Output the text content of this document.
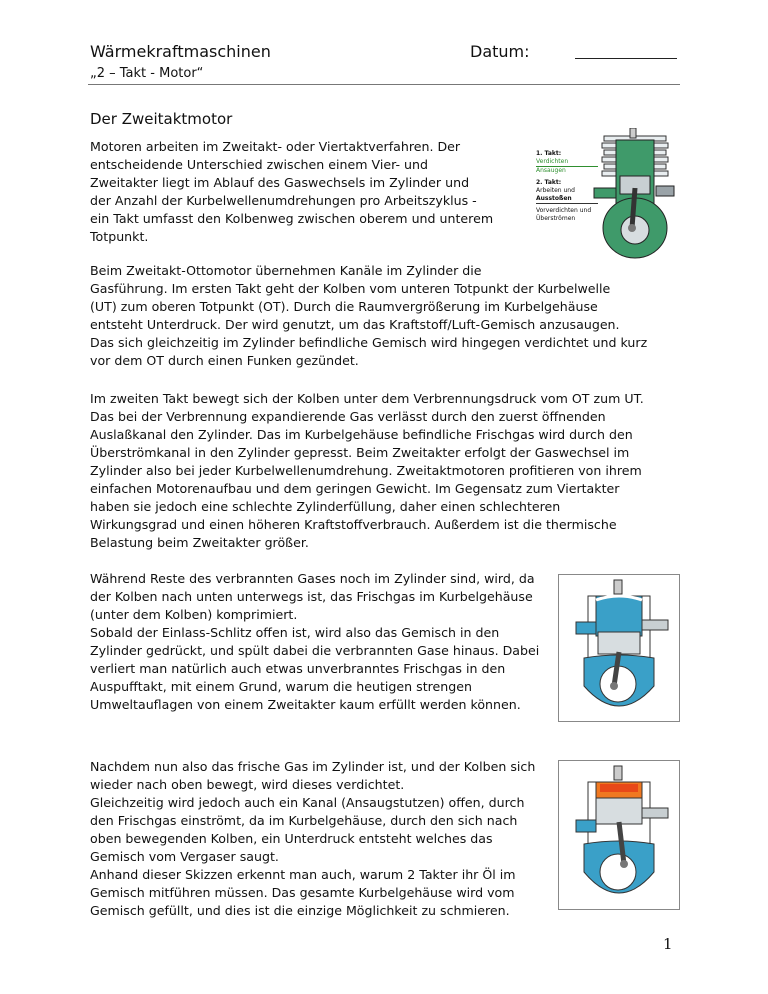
Wärmekraftmaschinen	Datum:
„2 – Takt - Motor“
Der Zweitaktmotor

Motoren arbeiten im Zweitakt- oder Viertaktverfahren. Der
entscheidende Unterschied zwischen einem Vier- und
Zweitakter liegt im Ablauf des Gaswechsels im Zylinder und
der Anzahl der Kurbelwellenumdrehungen pro Arbeitszyklus -
ein Takt umfasst den Kolbenweg zwischen oberem und unterem
Totpunkt.

Beim Zweitakt-Ottomotor übernehmen Kanäle im Zylinder die
Gasführung. Im ersten Takt geht der Kolben vom unteren Totpunkt der Kurbelwelle
(UT) zum oberen Totpunkt (OT). Durch die Raumvergrößerung im Kurbelgehäuse
entsteht Unterdruck. Der wird genutzt, um das Kraftstoff/Luft-Gemisch anzusaugen.
Das sich gleichzeitig im Zylinder befindliche Gemisch wird hingegen verdichtet und kurz
vor dem OT durch einen Funken gezündet.

Im zweiten Takt bewegt sich der Kolben unter dem Verbrennungsdruck vom OT zum UT.
Das bei der Verbrennung expandierende Gas verlässt durch den zuerst öffnenden
Auslaßkanal den Zylinder. Das im Kurbelgehäuse befindliche Frischgas wird durch den
Überströmkanal in den Zylinder gepresst. Beim Zweitakter erfolgt der Gaswechsel im
Zylinder also bei jeder Kurbelwellenumdrehung. Zweitaktmotoren profitieren von ihrem
einfachen Motorenaufbau und dem geringen Gewicht. Im Gegensatz zum Viertakter
haben sie jedoch eine schlechte Zylinderfüllung, daher einen schlechteren
Wirkungsgrad und einen höheren Kraftstoffverbrauch. Außerdem ist die thermische
Belastung beim Zweitakter größer.

Während Reste des verbrannten Gases noch im Zylinder sind, wird, da
der Kolben nach unten unterwegs ist, das Frischgas im Kurbelgehäuse
(unter dem Kolben) komprimiert.
Sobald der Einlass-Schlitz offen ist, wird also das Gemisch in den
Zylinder gedrückt, und spült dabei die verbrannten Gase hinaus. Dabei
verliert man natürlich auch etwas unverbranntes Frischgas in den
Auspufftakt, mit einem Grund, warum die heutigen strengen
Umweltauflagen von einem Zweitakter kaum erfüllt werden können.

Nachdem nun also das frische Gas im Zylinder ist, und der Kolben sich
wieder nach oben bewegt, wird dieses verdichtet.
Gleichzeitig wird jedoch auch ein Kanal (Ansaugstutzen) offen, durch
den Frischgas einströmt, da im Kurbelgehäuse, durch den sich nach
oben bewegenden Kolben, ein Unterdruck entsteht welches das
Gemisch vom Vergaser saugt.
Anhand dieser Skizzen erkennt man auch, warum 2 Takter ihr Öl im
Gemisch mitführen müssen. Das gesamte Kurbelgehäuse wird vom
Gemisch gefüllt, und dies ist die einzige Möglichkeit zu schmieren.

1. Takt:
Verdichten
Ansaugen
2. Takt:
Arbeiten und
Ausstoßen
Vorverdichten und
Überströmen
1
